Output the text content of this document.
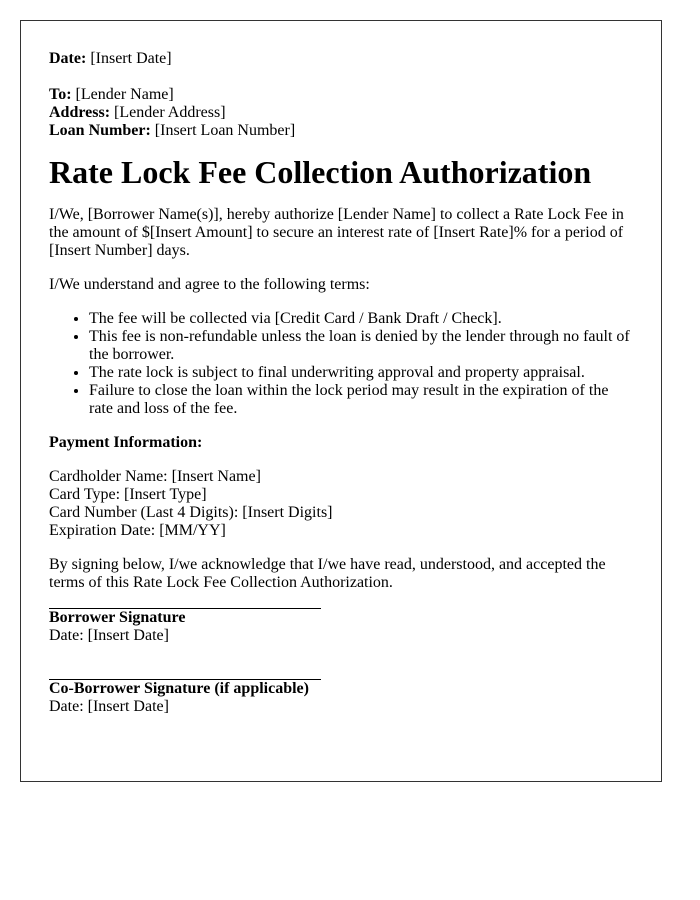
Date: [Insert Date]

To: [Lender Name]

Address: [Lender Address]

Loan Number: [Insert Loan Number]

Rate Lock Fee Collection Authorization

I/We, [Borrower Name(s)], hereby authorize [Lender Name] to collect a Rate Lock Fee in the amount of $[Insert Amount] to secure an interest rate of [Insert Rate]% for a period of [Insert Number] days.

I/We understand and agree to the following terms:

• The fee will be collected via [Credit Card / Bank Draft / Check].
• This fee is non-refundable unless the loan is denied by the lender through no fault of the borrower.
• The rate lock is subject to final underwriting approval and property appraisal.
• Failure to close the loan within the lock period may result in the expiration of the rate and loss of the fee.

Payment Information:

Cardholder Name: [Insert Name]

Card Type: [Insert Type]

Card Number (Last 4 Digits): [Insert Digits]

Expiration Date: [MM/YY]

By signing below, I/we acknowledge that I/we have read, understood, and accepted the terms of this Rate Lock Fee Collection Authorization.

Borrower Signature

Date: [Insert Date]

Co-Borrower Signature (if applicable)

Date: [Insert Date]
